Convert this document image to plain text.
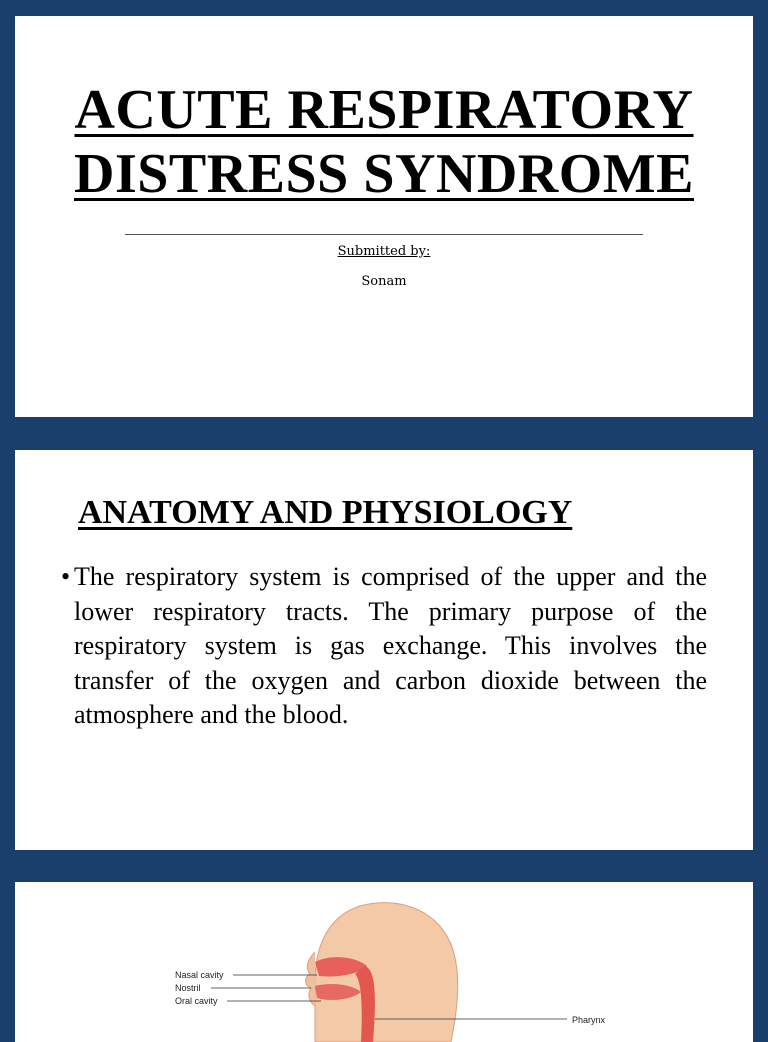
ACUTE RESPIRATORY
DISTRESS SYNDROME
Submitted by:
Sonam
ANATOMY AND PHYSIOLOGY
• The respiratory system is comprised of the upper and the lower respiratory tracts. The primary purpose of the respiratory system is gas exchange. This involves the transfer of the oxygen and carbon dioxide between the atmosphere and the blood.
Nasal cavity
Nostril
Oral cavity
Pharynx
